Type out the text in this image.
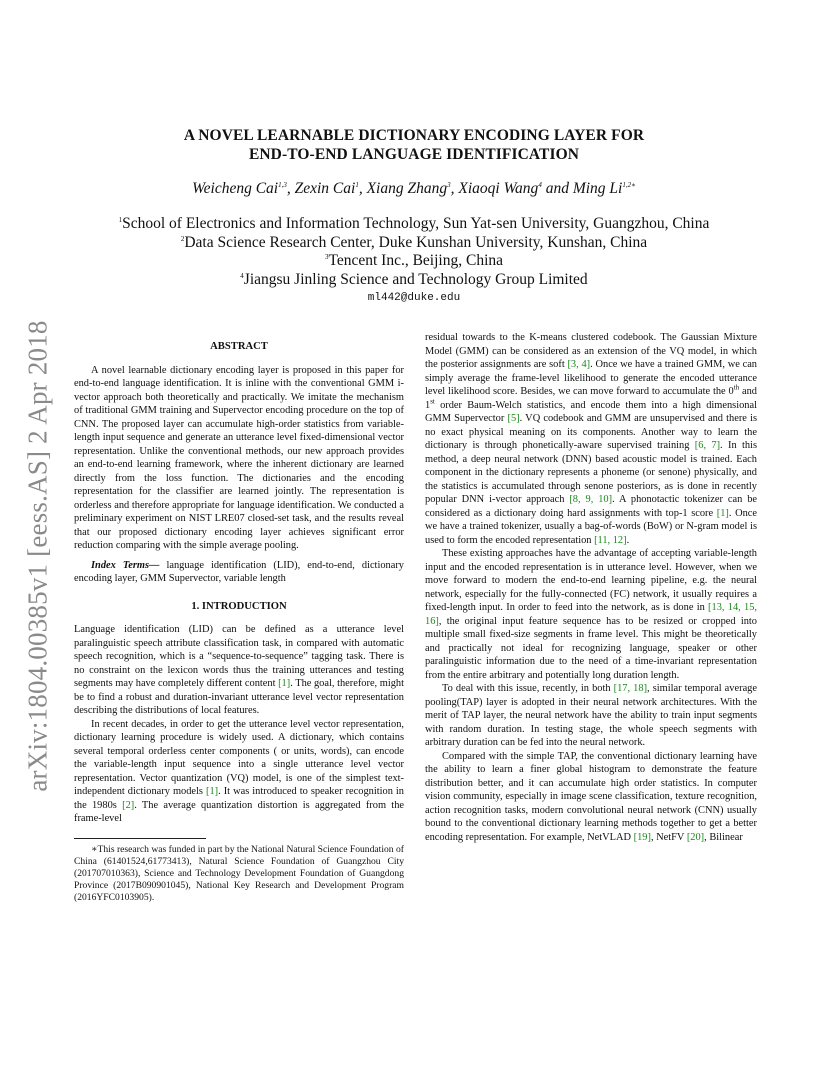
arXiv:1804.00385v1 [eess.AS] 2 Apr 2018
A NOVEL LEARNABLE DICTIONARY ENCODING LAYER FOR
END-TO-END LANGUAGE IDENTIFICATION
Weicheng Cai$^{1,3}$, Zexin Cai$^1$, Xiang Zhang$^3$, Xiaoqi Wang$^4$ and Ming $Li^{1,2∗}$
$^1$School of Electronics and Information Technology, Sun Yat-sen University, Guangzhou, China
$^2$Data Science Research Center, Duke Kunshan University, Kunshan, China
$^3$Tencent Inc., Beijing, China
$^4$Jiangsu Jinling Science and Technology Group Limited
ml442@duke.edu
ABSTRACT

A novel learnable dictionary encoding layer is proposed in this paper for end-to-end language identification. It is inline with the conventional GMM i-vector approach both theoretically and practically. We imitate the mechanism of traditional GMM training and Supervector encoding procedure on the top of CNN. The proposed layer can accumulate high-order statistics from variable-length input sequence and generate an utterance level fixed-dimensional vector representation. Unlike the conventional methods, our new approach provides an end-to-end learning framework, where the inherent dictionary are learned directly from the loss function. The dictionaries and the encoding representation for the classifier are learned jointly. The representation is orderless and therefore appropriate for language identification. We conducted a preliminary experiment on NIST LRE07 closed-set task, and the results reveal that our proposed dictionary encoding layer achieves significant error reduction comparing with the simple average pooling.

Index Terms— language identification (LID), end-to-end, dictionary encoding layer, GMM Supervector, variable length

1. INTRODUCTION

Language identification (LID) can be defined as a utterance level paralinguistic speech attribute classification task, in compared with automatic speech recognition, which is a “sequence-to-sequence” tagging task. There is no constraint on the lexicon words thus the training utterances and testing segments may have completely different content [1]. The goal, therefore, might be to find a robust and duration-invariant utterance level vector representation describing the distributions of local features.

In recent decades, in order to get the utterance level vector representation, dictionary learning procedure is widely used. A dictionary, which contains several temporal orderless center components ( or units, words), can encode the variable-length input sequence into a single utterance level vector representation. Vector quantization (VQ) model, is one of the simplest text-independent dictionary models [1]. It was introduced to speaker recognition in the 1980s [2]. The average quantization distortion is aggregated from the frame-level

∗This research was funded in part by the National Natural Science Foundation of China (61401524,61773413), Natural Science Foundation of Guangzhou City (201707010363), Science and Technology Development Foundation of Guangdong Province (2017B090901045), National Key Research and Development Program (2016YFC0103905).

residual towards to the K-means clustered codebook. The Gaussian Mixture Model (GMM) can be considered as an extension of the VQ model, in which the posterior assignments are soft [3, 4]. Once we have a trained GMM, we can simply average the frame-level likelihood to generate the encoded utterance level likelihood score. Besides, we can move forward to accumulate the 0th and 1st order Baum-Welch statistics, and encode them into a high dimensional GMM Supervector [5]. VQ codebook and GMM are unsupervised and there is no exact physical meaning on its components. Another way to learn the dictionary is through phonetically-aware supervised training [6, 7]. In this method, a deep neural network (DNN) based acoustic model is trained. Each component in the dictionary represents a phoneme (or senone) physically, and the statistics is accumulated through senone posteriors, as is done in recently popular DNN i-vector approach [8, 9, 10]. A phonotactic tokenizer can be considered as a dictionary doing hard assignments with top-1 score [1]. Once we have a trained tokenizer, usually a bag-of-words (BoW) or N-gram model is used to form the encoded representation [11, 12].

These existing approaches have the advantage of accepting variable-length input and the encoded representation is in utterance level. However, when we move forward to modern the end-to-end learning pipeline, e.g. the neural network, especially for the fully-connected (FC) network, it usually requires a fixed-length input. In order to feed into the network, as is done in [13, 14, 15, 16], the original input feature sequence has to be resized or cropped into multiple small fixed-size segments in frame level. This might be theoretically and practically not ideal for recognizing language, speaker or other paralinguistic information due to the need of a time-invariant representation from the entire arbitrary and potentially long duration length.

To deal with this issue, recently, in both [17, 18], similar temporal average pooling(TAP) layer is adopted in their neural network architectures. With the merit of TAP layer, the neural network have the ability to train input segments with random duration. In testing stage, the whole speech segments with arbitrary duration can be fed into the neural network.

Compared with the simple TAP, the conventional dictionary learning have the ability to learn a finer global histogram to demonstrate the feature distribution better, and it can accumulate high order statistics. In computer vision community, especially in image scene classification, texture recognition, action recognition tasks, modern convolutional neural network (CNN) usually bound to the conventional dictionary learning methods together to get a better encoding representation. For example, NetVLAD [19], NetFV [20], Bilinear
